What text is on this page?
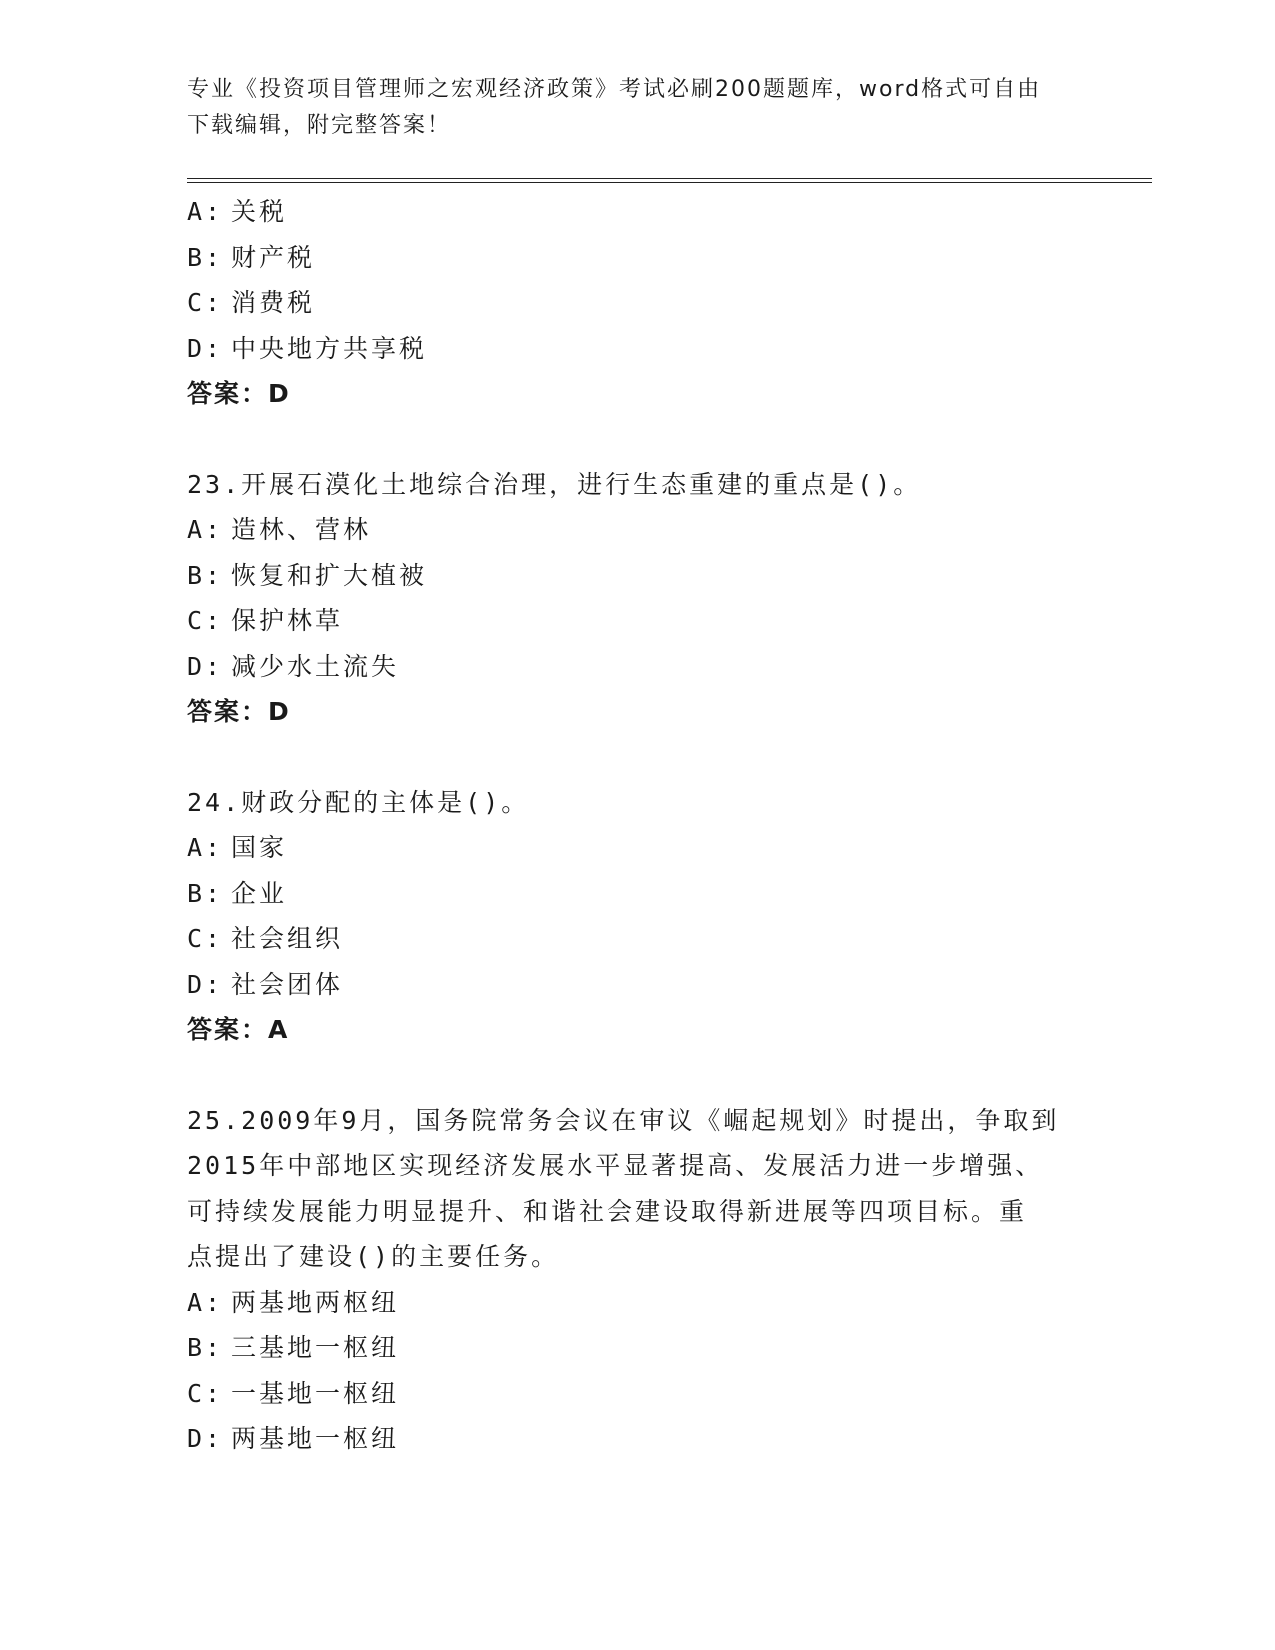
专业《投资项目管理师之宏观经济政策》考试必刷200题题库，word格式可自由
下载编辑，附完整答案！
A: 关税
B: 财产税
C: 消费税
D: 中央地方共享税
答案：D
23.开展石漠化土地综合治理，进行生态重建的重点是()。
A: 造林、营林
B: 恢复和扩大植被
C: 保护林草
D: 减少水土流失
答案：D
24.财政分配的主体是()。
A: 国家
B: 企业
C: 社会组织
D: 社会团体
答案：A
25.2009年9月，国务院常务会议在审议《崛起规划》时提出，争取到
2015年中部地区实现经济发展水平显著提高、发展活力进一步增强、
可持续发展能力明显提升、和谐社会建设取得新进展等四项目标。重
点提出了建设()的主要任务。
A: 两基地两枢纽
B: 三基地一枢纽
C: 一基地一枢纽
D: 两基地一枢纽
